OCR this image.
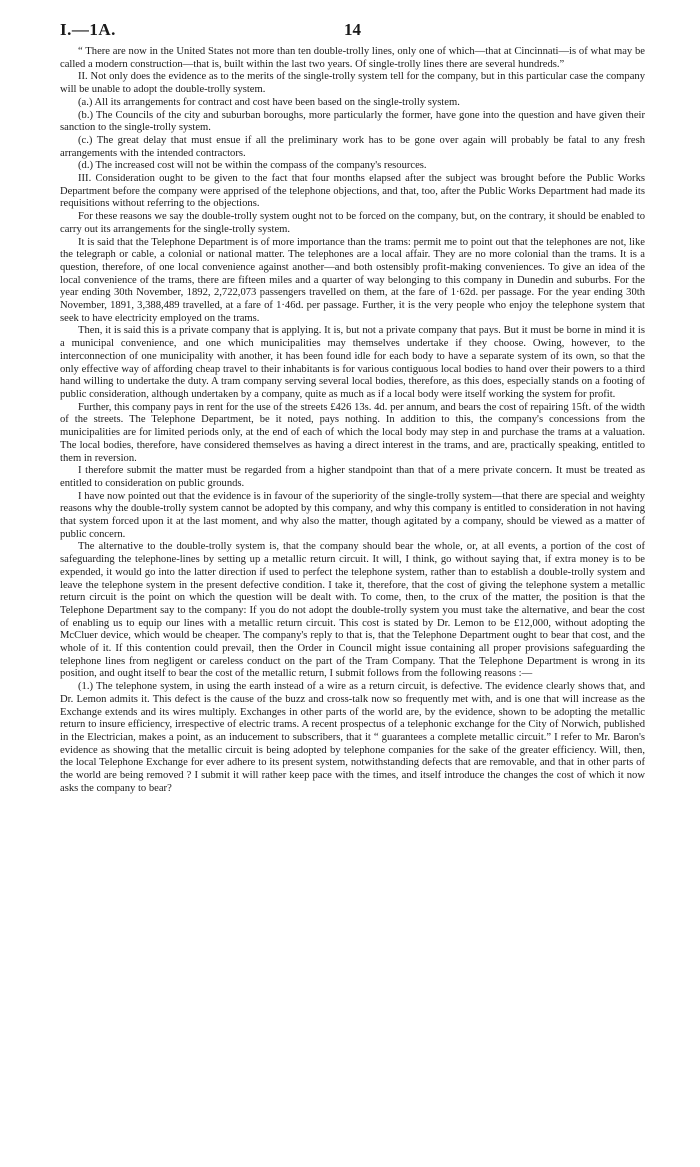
I.—1A.	14

“ There are now in the United States not more than ten double-trolly lines, only one of which—that at Cincinnati—is of what may be called a modern construction—that is, built within the last two years. Of single-trolly lines there are several hundreds.”

II. Not only does the evidence as to the merits of the single-trolly system tell for the company, but in this particular case the company will be unable to adopt the double-trolly system.

(a.) All its arrangements for contract and cost have been based on the single-trolly system.

(b.) The Councils of the city and suburban boroughs, more particularly the former, have gone into the question and have given their sanction to the single-trolly system.

(c.) The great delay that must ensue if all the preliminary work has to be gone over again will probably be fatal to any fresh arrangements with the intended contractors.

(d.) The increased cost will not be within the compass of the company's resources.

III. Consideration ought to be given to the fact that four months elapsed after the subject was brought before the Public Works Department before the company were apprised of the telephone objections, and that, too, after the Public Works Department had made its requisitions without referring to the objections.

For these reasons we say the double-trolly system ought not to be forced on the company, but, on the contrary, it should be enabled to carry out its arrangements for the single-trolly system.

It is said that the Telephone Department is of more importance than the trams: permit me to point out that the telephones are not, like the telegraph or cable, a colonial or national matter. The telephones are a local affair. They are no more colonial than the trams. It is a question, therefore, of one local convenience against another—and both ostensibly profit-making conveniences. To give an idea of the local convenience of the trams, there are fifteen miles and a quarter of way belonging to this company in Dunedin and suburbs. For the year ending 30th November, 1892, 2,722,073 passengers travelled on them, at the fare of 1·62d. per passage. For the year ending 30th November, 1891, 3,388,489 travelled, at a fare of 1·46d. per passage. Further, it is the very people who enjoy the telephone system that seek to have electricity employed on the trams.

Then, it is said this is a private company that is applying. It is, but not a private company that pays. But it must be borne in mind it is a municipal convenience, and one which municipalities may themselves undertake if they choose. Owing, however, to the interconnection of one municipality with another, it has been found idle for each body to have a separate system of its own, so that the only effective way of affording cheap travel to their inhabitants is for various contiguous local bodies to hand over their powers to a third hand willing to undertake the duty. A tram company serving several local bodies, therefore, as this does, especially stands on a footing of public consideration, although undertaken by a company, quite as much as if a local body were itself working the system for profit.

Further, this company pays in rent for the use of the streets £426 13s. 4d. per annum, and bears the cost of repairing 15ft. of the width of the streets. The Telephone Department, be it noted, pays nothing. In addition to this, the company's concessions from the municipalities are for limited periods only, at the end of each of which the local body may step in and purchase the trams at a valuation. The local bodies, therefore, have considered themselves as having a direct interest in the trams, and are, practically speaking, entitled to them in reversion.

I therefore submit the matter must be regarded from a higher standpoint than that of a mere private concern. It must be treated as entitled to consideration on public grounds.

I have now pointed out that the evidence is in favour of the superiority of the single-trolly system—that there are special and weighty reasons why the double-trolly system cannot be adopted by this company, and why this company is entitled to consideration in not having that system forced upon it at the last moment, and why also the matter, though agitated by a company, should be viewed as a matter of public concern.

The alternative to the double-trolly system is, that the company should bear the whole, or, at all events, a portion of the cost of safeguarding the telephone-lines by setting up a metallic return circuit. It will, I think, go without saying that, if extra money is to be expended, it would go into the latter direction if used to perfect the telephone system, rather than to establish a double-trolly system and leave the telephone system in the present defective condition. I take it, therefore, that the cost of giving the telephone system a metallic return circuit is the point on which the question will be dealt with. To come, then, to the crux of the matter, the position is that the Telephone Department say to the company: If you do not adopt the double-trolly system you must take the alternative, and bear the cost of enabling us to equip our lines with a metallic return circuit. This cost is stated by Dr. Lemon to be £12,000, without adopting the McCluer device, which would be cheaper. The company's reply to that is, that the Telephone Department ought to bear that cost, and the whole of it. If this contention could prevail, then the Order in Council might issue containing all proper provisions safeguarding the telephone lines from negligent or careless conduct on the part of the Tram Company. That the Telephone Department is wrong in its position, and ought itself to bear the cost of the metallic return, I submit follows from the following reasons :—

(1.) The telephone system, in using the earth instead of a wire as a return circuit, is defective. The evidence clearly shows that, and Dr. Lemon admits it. This defect is the cause of the buzz and cross-talk now so frequently met with, and is one that will increase as the Exchange extends and its wires multiply. Exchanges in other parts of the world are, by the evidence, shown to be adopting the metallic return to insure efficiency, irrespective of electric trams. A recent prospectus of a telephonic exchange for the City of Norwich, published in the Electrician, makes a point, as an inducement to subscribers, that it “ guarantees a complete metallic circuit.” I refer to Mr. Baron's evidence as showing that the metallic circuit is being adopted by telephone companies for the sake of the greater efficiency. Will, then, the local Telephone Exchange for ever adhere to its present system, notwithstanding defects that are removable, and that in other parts of the world are being removed ? I submit it will rather keep pace with the times, and itself introduce the changes the cost of which it now asks the company to bear?
